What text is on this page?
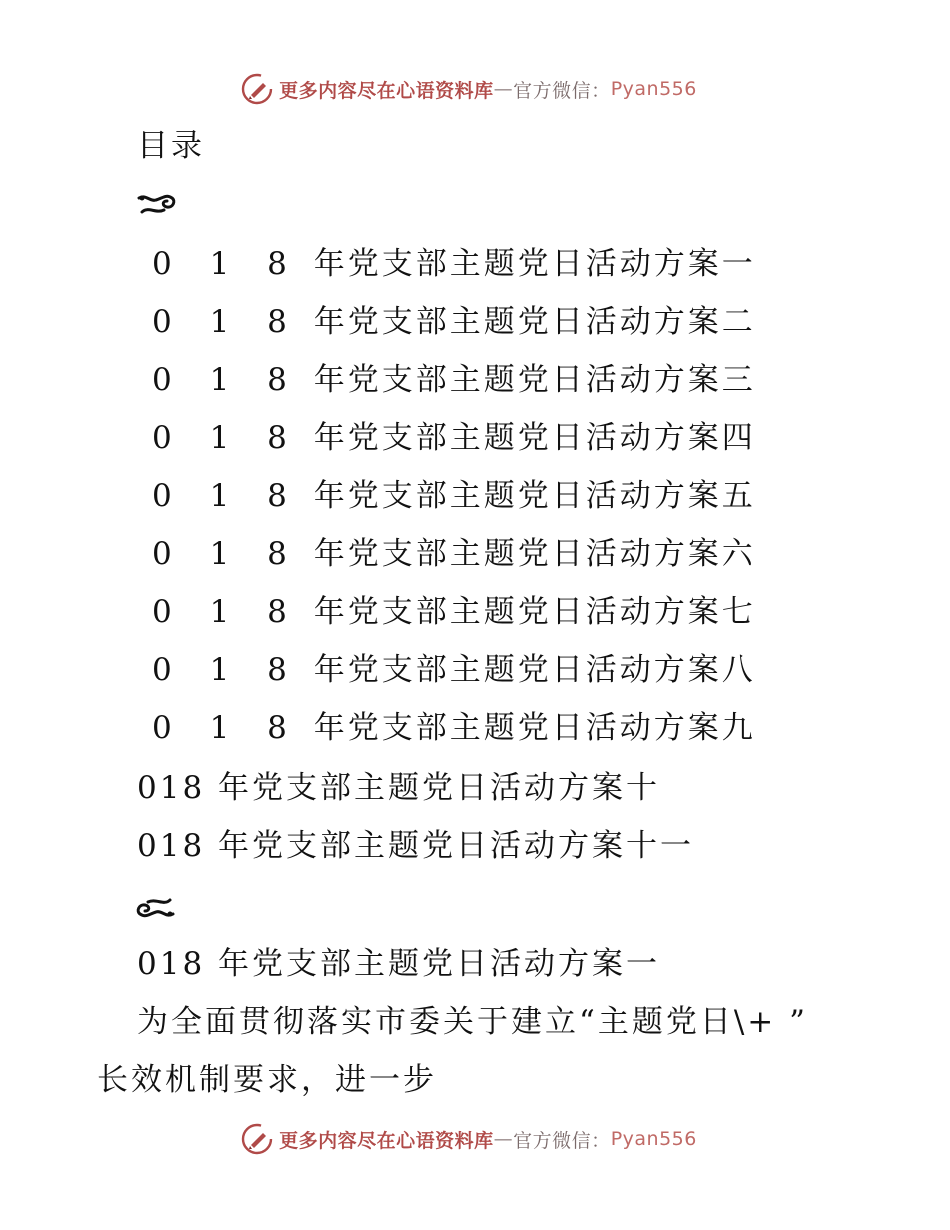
更多内容尽在心语资料库 — 官方微信： Pyan556
目录
0 1 8 年党支部主题党日活动方案一
0 1 8 年党支部主题党日活动方案二
0 1 8 年党支部主题党日活动方案三
0 1 8 年党支部主题党日活动方案四
0 1 8 年党支部主题党日活动方案五
0 1 8 年党支部主题党日活动方案六
0 1 8 年党支部主题党日活动方案七
0 1 8 年党支部主题党日活动方案八
0 1 8 年党支部主题党日活动方案九
018 年党支部主题党日活动方案十
018 年党支部主题党日活动方案十一
018 年党支部主题党日活动方案一
为全面贯彻落实市委关于建立“主题党日\+ ”
长效机制要求，进一步
更多内容尽在心语资料库 — 官方微信： Pyan556
